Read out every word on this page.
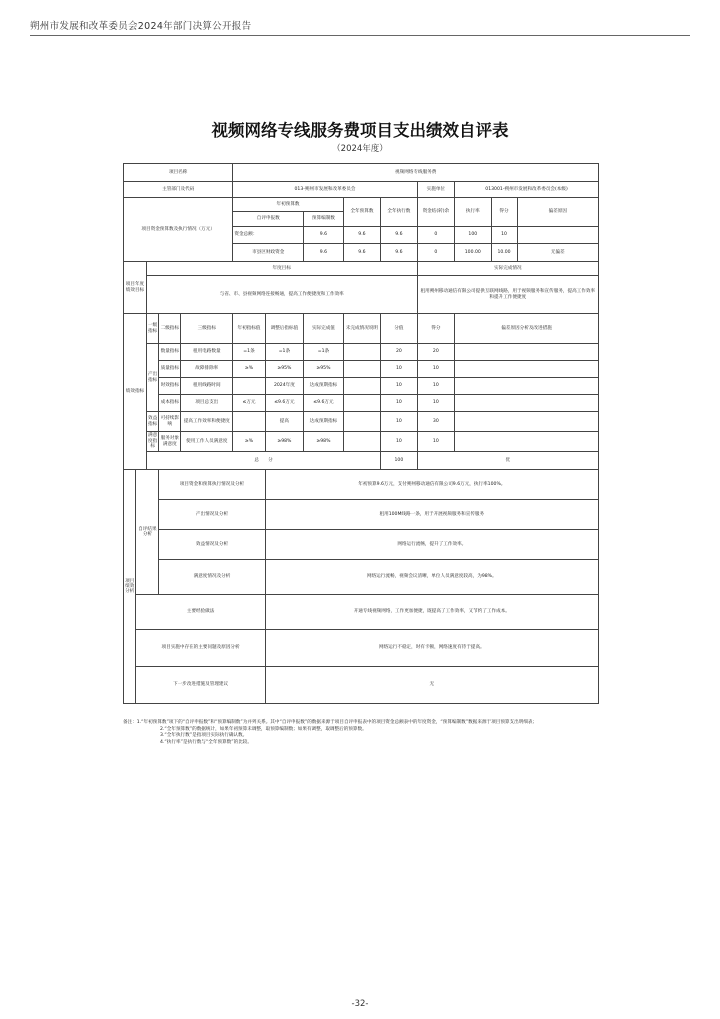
朔州市发展和改革委员会2024年部门决算公开报告
视频网络专线服务费项目支出绩效自评表
（2024年度）
项目名称					视频网络专线服务费								
主管部门及代码					013-朔州市发展和改革委员会					实施单位	013001-朔州市发展和改革委员会(本级)		
项目资金预算数及执行情况（万元）					年初预算数			全年预算数	全年执行数	资金结(转)余	执行率	得分	偏差原因
					自评申报数		预算编制数						
					资金总额：		9.6	9.6	9.6	0	100	10	
					市县区财政资金		9.6	9.6	9.6	0	100.00	10.00	无偏差
项目年度绩效目标		年度目标								实际完成情况			
		与省、市、县视频网络连接畅通，提高工作便捷度和工作效率								租用朔州移动通信有限公司提供互联网线路，用于视频服务和宣传服务，提高工作效率和提升工作便捷度			
绩效指标		一级指标	二级指标	三级指标	年初指标值	调整后指标值	实际完成值	未完成情况说明	分值	得分	偏差原因分析及改进措施		
		产出指标	数量指标	租用电路数量	=1条	=1条	=1条		20	20			
			质量指标	故障排除率	≥%	≥95%	≥95%		10	10			
			时效指标	租用线路时间		2024年度	达成预期指标		10	10			
			成本指标	项目总支出	≤万元	≤9.6万元	≤9.6万元		10	10			
		效益指标	可持续影响	提高工作效率和便捷度		提高	达成预期指标		10	30			
		满意度指标	服务对象满意度	使用工作人员满意度	≥%	≥98%	≥98%		10	10			
		总　　分							100	优			
项目绩效分析	自评结果分析		项目资金和预算执行情况及分析			年初预算9.6万元，支付朔州移动通信有限公司9.6万元，执行率100%。							
			产出情况及分析			租用100M线路一条，用于开展视频服务和宣传服务							
			效益情况及分析			网络运行流畅，提升了工作效率。							
			满意度情况及分析			网络运行流畅，视频会议清晰，单位人员满意度较高，为98%。							
	主要经验做法					开通专线视频网络，工作更加便捷，既提高了工作效率，又节约了工作成本。							
	项目实施中存在的主要问题及原因分析					网络运行不稳定，时有卡顿，网络速度有待于提高。							
	下一步改进措施及管理建议					无							
备注：1.“年初预算数”项下的“自评申报数”和“预算编制数”为并列关系。其中“自评申报数”的数据来源于项目自评申报表中的项目资金总额表中的年度资金，“预算编制数”数据来源于项目预算支出明细表；
2.“全年预算数”的数据统计，如果年初预算未调整，取预算编制数；如果有调整，取调整后的预算数。
3.“全年执行数”是指项目实际执行确认数。
4.“执行率”是执行数与“全年预算数”的比较。
-32-
